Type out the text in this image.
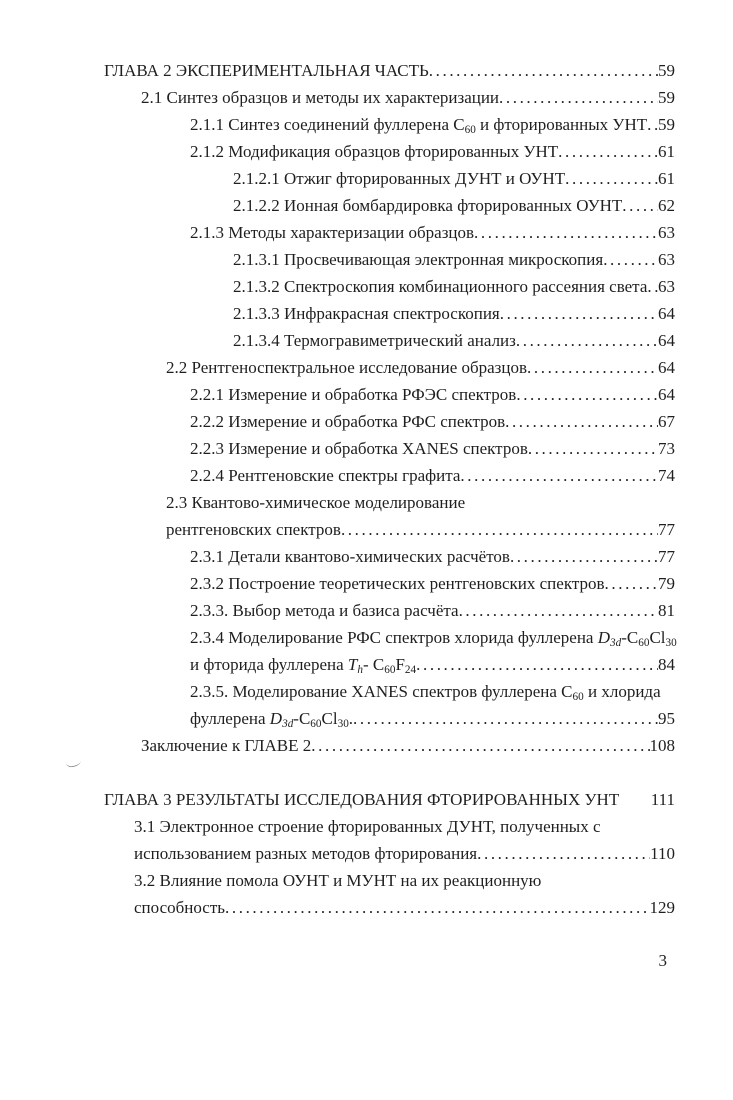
ГЛАВА 2 ЭКСПЕРИМЕНТАЛЬНАЯ ЧАСТЬ .....	59
2.1 Синтез образцов и методы их характеризации .....	59
2.1.1 Синтез соединений фуллерена $C_{60}$ и фторированных УНТ ..... 59
2.1.2 Модификация образцов фторированных УНТ .....	61
2.1.2.1 Отжиг фторированных ДУНТ и ОУНТ .....	61
2.1.2.2 Ионная бомбардировка фторированных ОУНТ ..... 62
2.1.3 Методы характеризации образцов .....	63
2.1.3.1 Просвечивающая электронная микроскопия .....	63
2.1.3.2 Спектроскопия комбинационного рассеяния света ..... 63
2.1.3.3 Инфракрасная спектроскопия .....	64
2.1.3.4 Термогравиметрический анализ .....	64
2.2 Рентгеноспектральное исследование образцов .....	64
2.2.1 Измерение и обработка РФЭС спектров .....	64
2.2.2 Измерение и обработка РФС спектров .....	67
2.2.3 Измерение и обработка XANES спектров .....	73
2.2.4 Рентгеновские спектры графита .....	74
2.3 Квантово-химическое моделирование
рентгеновских спектров .....	77
2.3.1 Детали квантово-химических расчётов .....	77
2.3.2 Построение теоретических рентгеновских спектров .....	79
2.3.3. Выбор метода и базиса расчёта .....	81
2.3.4 Моделирование РФС спектров хлорида фуллерена $D_{3d}-C_{60}Cl_{30}$
и фторида фуллерена $T_h-$ $C_{60}F_{24}$ .....	84
2.3.5. Моделирование XANES спектров фуллерена $C_{60}$ и хлорида
фуллерена $D_{3d}-C_{60}Cl_{30}$. .....	95
Заключение к ГЛАВЕ 2 .....	108
ГЛАВА 3 РЕЗУЛЬТАТЫ ИССЛЕДОВАНИЯ ФТОРИРОВАННЫХ УНТ 111
3.1 Электронное строение фторированных ДУНТ, полученных с
использованием разных методов фторирования .....	110
3.2 Влияние помола ОУНТ и МУНТ на их реакционную
способность .....	129
3
